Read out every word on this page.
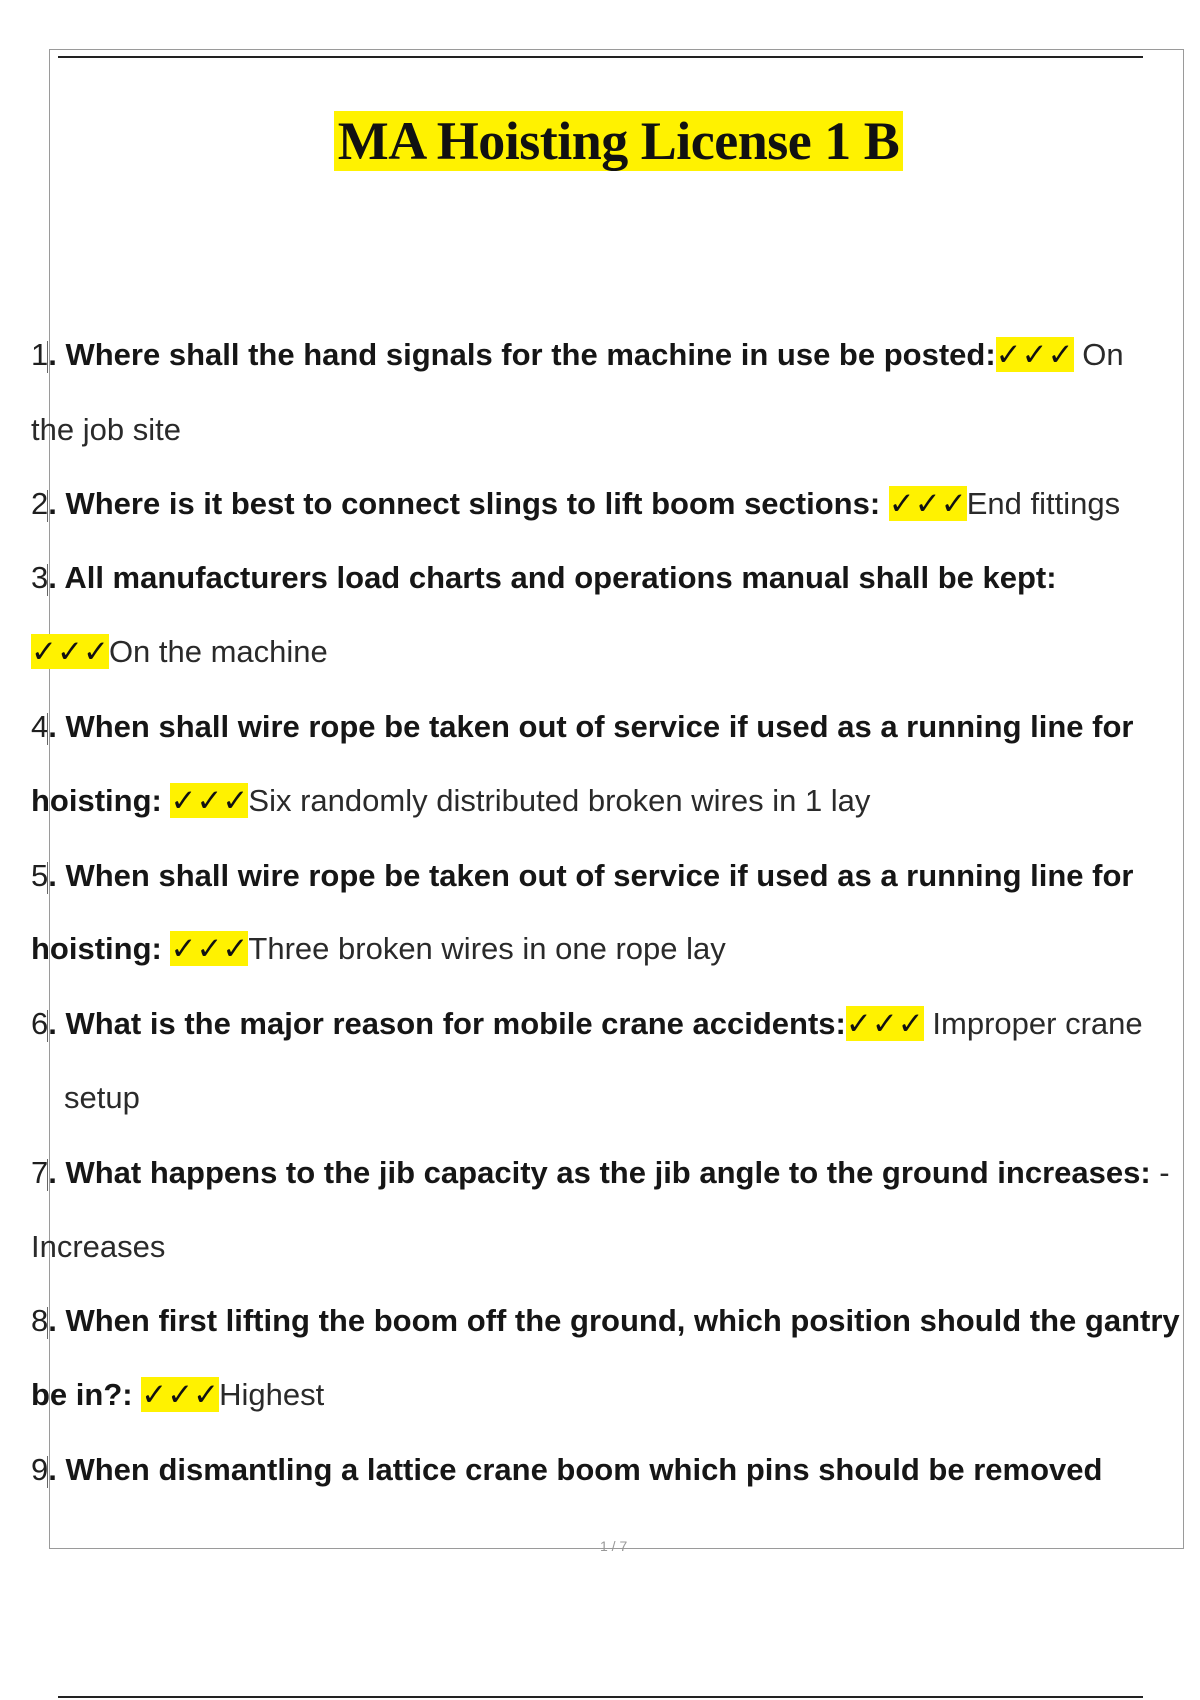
MA Hoisting License 1 B
1. Where shall the hand signals for the machine in use be posted:✓✓✓ On
the job site
2. Where is it best to connect slings to lift boom sections: ✓✓✓End fittings
3. All manufacturers load charts and operations manual shall be kept:
✓✓✓On the machine
4. When shall wire rope be taken out of service if used as a running line for
hoisting: ✓✓✓Six randomly distributed broken wires in 1 lay
5. When shall wire rope be taken out of service if used as a running line for
hoisting: ✓✓✓Three broken wires in one rope lay
6. What is the major reason for mobile crane accidents:✓✓✓ Improper crane
setup
7. What happens to the jib capacity as the jib angle to the ground increases: -
Increases
8. When first lifting the boom off the ground, which position should the gantry
be in?: ✓✓✓Highest
9. When dismantling a lattice crane boom which pins should be removed
1 / 7
